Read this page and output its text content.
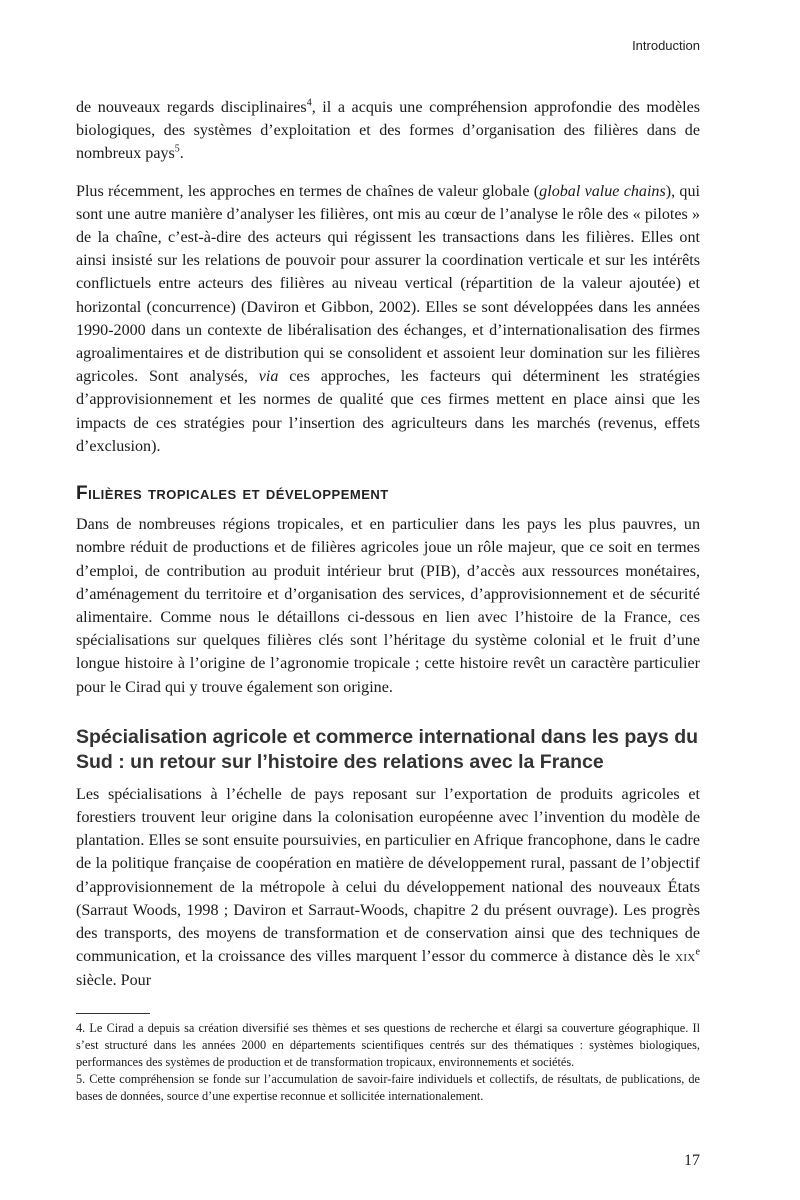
Introduction

de nouveaux regards disciplinaires$^4$, il a acquis une compréhension approfondie des modèles biologiques, des systèmes d’exploitation et des formes d’organisation des filières dans de nombreux pays$^5$.

Plus récemment, les approches en termes de chaînes de valeur globale (global value chains), qui sont une autre manière d’analyser les filières, ont mis au cœur de l’analyse le rôle des « pilotes » de la chaîne, c’est-à-dire des acteurs qui régissent les transactions dans les filières. Elles ont ainsi insisté sur les relations de pouvoir pour assurer la coordination verticale et sur les intérêts conflictuels entre acteurs des filières au niveau vertical (répartition de la valeur ajoutée) et horizontal (concurrence) (Daviron et Gibbon, 2002). Elles se sont développées dans les années 1990-2000 dans un contexte de libéralisation des échanges, et d’internationalisation des firmes agroalimentaires et de distribution qui se consolident et assoient leur domination sur les filières agricoles. Sont analysés, via ces approches, les facteurs qui déterminent les stratégies d’approvisionnement et les normes de qualité que ces firmes mettent en place ainsi que les impacts de ces stratégies pour l’insertion des agriculteurs dans les marchés (revenus, effets d’exclusion).

Filières tropicales et développement

Dans de nombreuses régions tropicales, et en particulier dans les pays les plus pauvres, un nombre réduit de productions et de filières agricoles joue un rôle majeur, que ce soit en termes d’emploi, de contribution au produit intérieur brut (PIB), d’accès aux ressources monétaires, d’aménagement du territoire et d’organisation des services, d’approvisionnement et de sécurité alimentaire. Comme nous le détaillons ci-dessous en lien avec l’histoire de la France, ces spécialisations sur quelques filières clés sont l’héritage du système colonial et le fruit d’une longue histoire à l’origine de l’agronomie tropicale ; cette histoire revêt un caractère particulier pour le Cirad qui y trouve également son origine.

Spécialisation agricole et commerce international dans les pays du Sud : un retour sur l’histoire des relations avec la France

Les spécialisations à l’échelle de pays reposant sur l’exportation de produits agricoles et forestiers trouvent leur origine dans la colonisation européenne avec l’invention du modèle de plantation. Elles se sont ensuite poursuivies, en particulier en Afrique francophone, dans le cadre de la politique française de coopération en matière de développement rural, passant de l’objectif d’approvisionnement de la métropole à celui du développement national des nouveaux États (Sarraut Woods, 1998 ; Daviron et Sarraut-Woods, chapitre 2 du présent ouvrage). Les progrès des transports, des moyens de transformation et de conservation ainsi que des techniques de communication, et la croissance des villes marquent l’essor du commerce à distance dès le xix$^e$ siècle. Pour

4. Le Cirad a depuis sa création diversifié ses thèmes et ses questions de recherche et élargi sa couverture géographique. Il s’est structuré dans les années 2000 en départements scientifiques centrés sur des thématiques : systèmes biologiques, performances des systèmes de production et de transformation tropicaux, environnements et sociétés.

5. Cette compréhension se fonde sur l’accumulation de savoir-faire individuels et collectifs, de résultats, de publications, de bases de données, source d’une expertise reconnue et sollicitée internationalement.

17
